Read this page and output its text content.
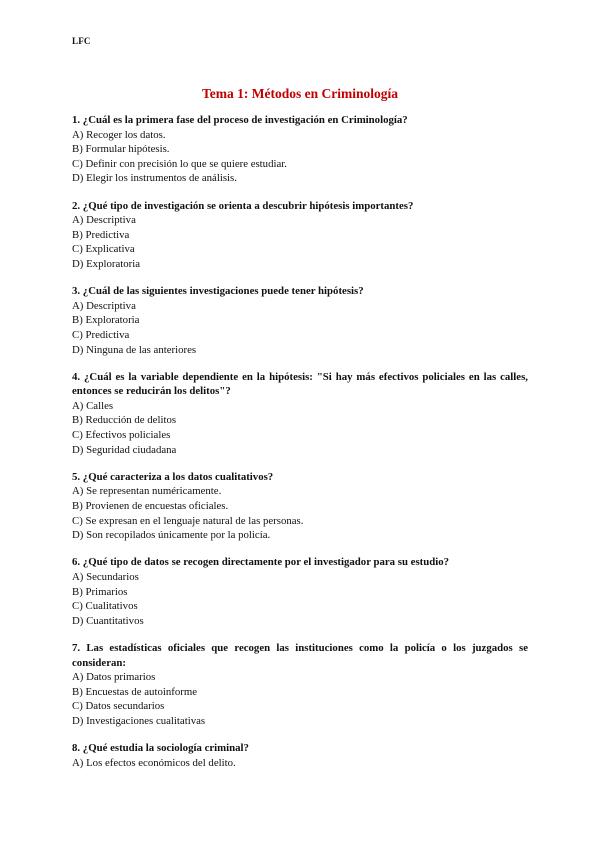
LFC
Tema 1: Métodos en Criminología
1. ¿Cuál es la primera fase del proceso de investigación en Criminología?
A) Recoger los datos.
B) Formular hipótesis.
C) Definir con precisión lo que se quiere estudiar.
D) Elegir los instrumentos de análisis.
2. ¿Qué tipo de investigación se orienta a descubrir hipótesis importantes?
A) Descriptiva
B) Predictiva
C) Explicativa
D) Exploratoria
3. ¿Cuál de las siguientes investigaciones puede tener hipótesis?
A) Descriptiva
B) Exploratoria
C) Predictiva
D) Ninguna de las anteriores
4. ¿Cuál es la variable dependiente en la hipótesis: "Si hay más efectivos policiales en las calles, entonces se reducirán los delitos"?
A) Calles
B) Reducción de delitos
C) Efectivos policiales
D) Seguridad ciudadana
5. ¿Qué caracteriza a los datos cualitativos?
A) Se representan numéricamente.
B) Provienen de encuestas oficiales.
C) Se expresan en el lenguaje natural de las personas.
D) Son recopilados únicamente por la policía.
6. ¿Qué tipo de datos se recogen directamente por el investigador para su estudio?
A) Secundarios
B) Primarios
C) Cualitativos
D) Cuantitativos
7. Las estadísticas oficiales que recogen las instituciones como la policía o los juzgados se consideran:
A) Datos primarios
B) Encuestas de autoinforme
C) Datos secundarios
D) Investigaciones cualitativas
8. ¿Qué estudia la sociología criminal?
A) Los efectos económicos del delito.
